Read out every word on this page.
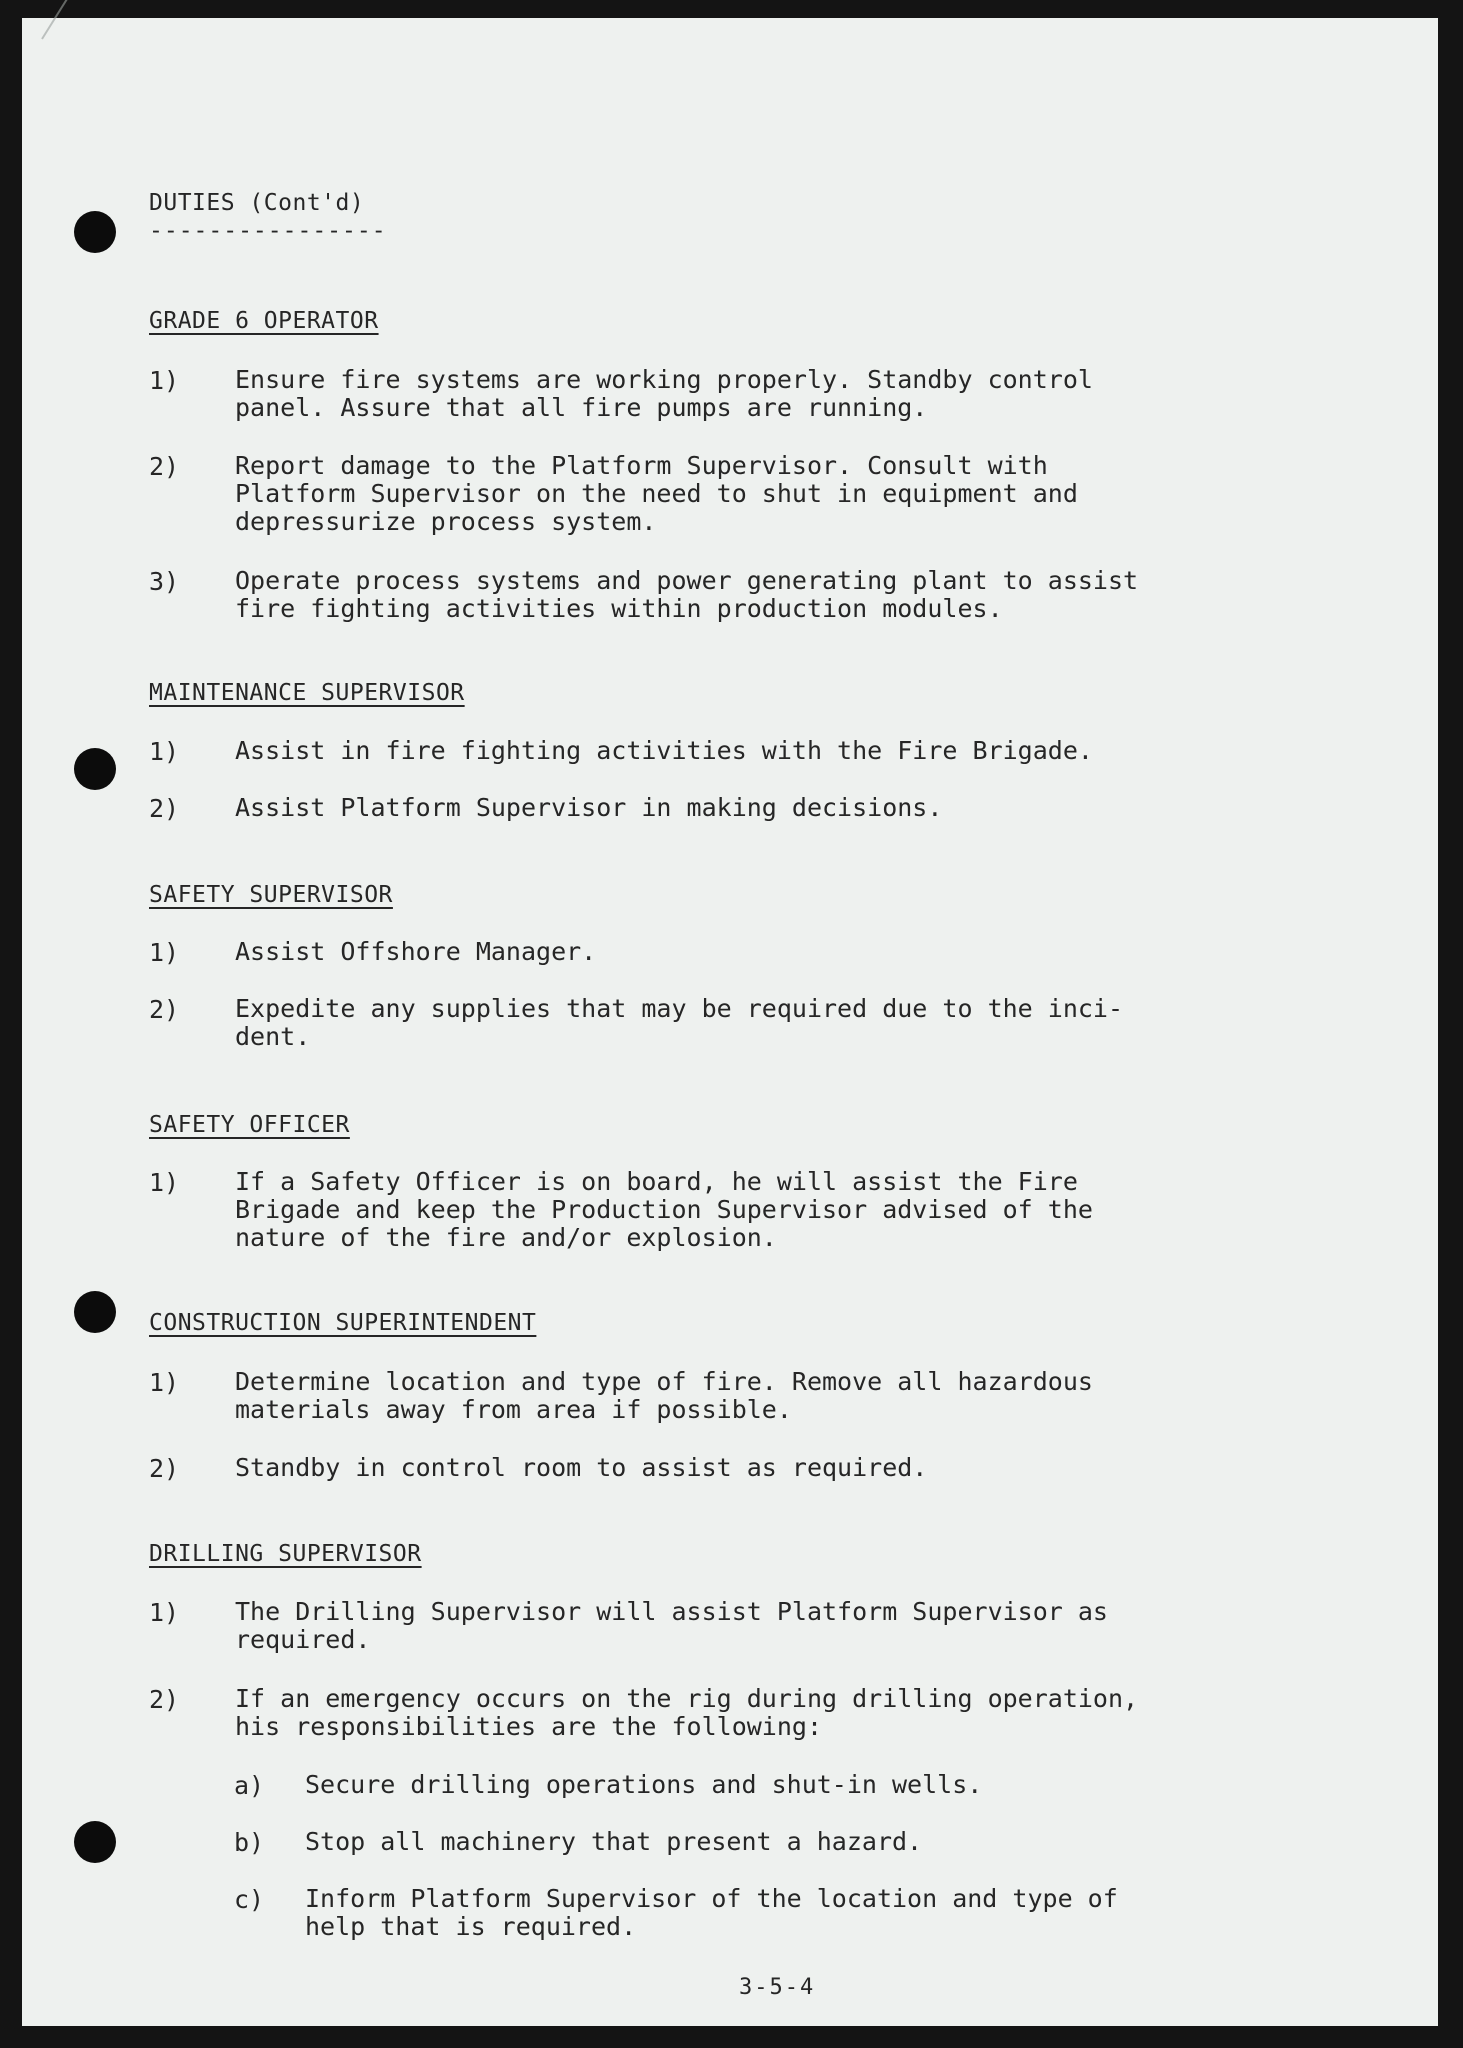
DUTIES (Cont'd)
----------------
GRADE 6 OPERATOR
1) Ensure fire systems are working properly. Standby control
panel. Assure that all fire pumps are running.
2) Report damage to the Platform Supervisor. Consult with
Platform Supervisor on the need to shut in equipment and
depressurize process system.
3) Operate process systems and power generating plant to assist
fire fighting activities within production modules.
MAINTENANCE SUPERVISOR
1) Assist in fire fighting activities with the Fire Brigade.
2) Assist Platform Supervisor in making decisions.
SAFETY SUPERVISOR
1) Assist Offshore Manager.
2) Expedite any supplies that may be required due to the inci-
dent.
SAFETY OFFICER
1) If a Safety Officer is on board, he will assist the Fire
Brigade and keep the Production Supervisor advised of the
nature of the fire and/or explosion.
CONSTRUCTION SUPERINTENDENT
1) Determine location and type of fire. Remove all hazardous
materials away from area if possible.
2) Standby in control room to assist as required.
DRILLING SUPERVISOR
1) The Drilling Supervisor will assist Platform Supervisor as
required.
2) If an emergency occurs on the rig during drilling operation,
his responsibilities are the following:
a) Secure drilling operations and shut-in wells.
b) Stop all machinery that present a hazard.
c) Inform Platform Supervisor of the location and type of
help that is required.
3-5-4
